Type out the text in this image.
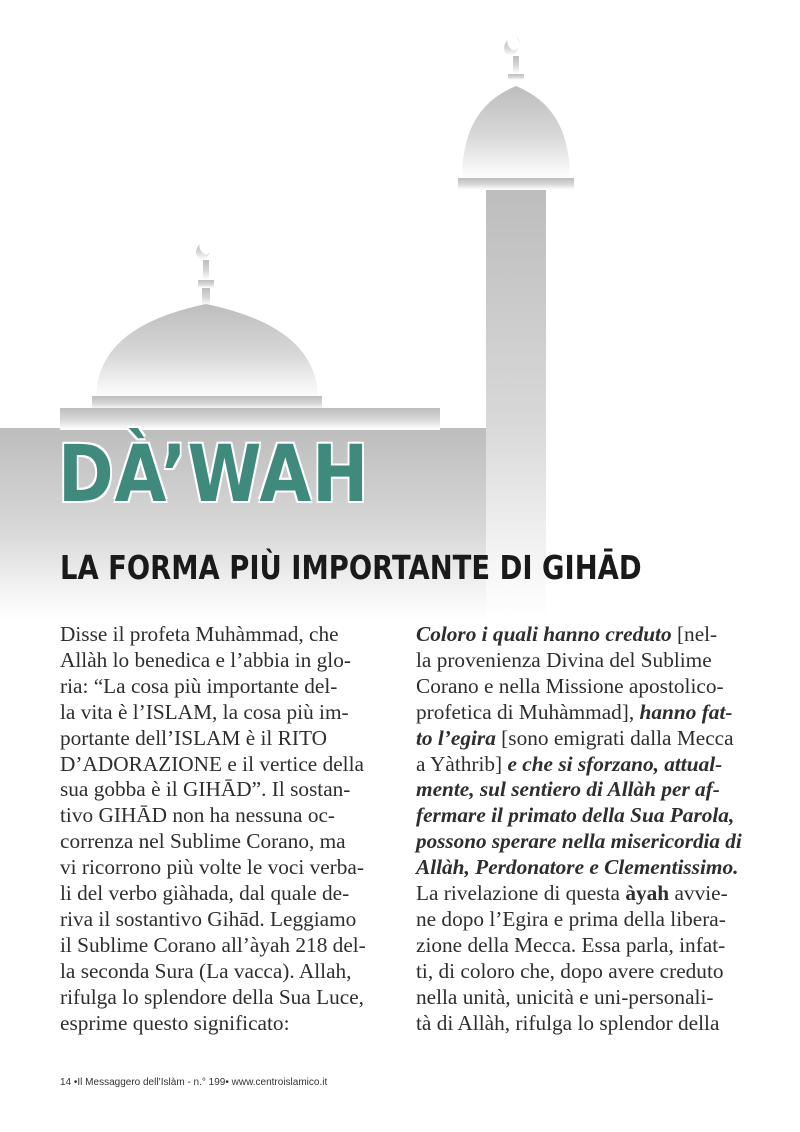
DÀ’WAH
LA FORMA PIÙ IMPORTANTE DI GIHĀD

Disse il profeta Muhàmmad, che
Allàh lo benedica e l’abbia in glo-
ria: “La cosa più importante del-
la vita è l’ISLAM, la cosa più im-
portante dell’ISLAM è il RITO
D’ADORAZIONE e il vertice della
sua gobba è il GIHĀD”. Il sostan-
tivo GIHĀD non ha nessuna oc-
correnza nel Sublime Corano, ma
vi ricorrono più volte le voci verba-
li del verbo giàhada, dal quale de-
riva il sostantivo Gihād. Leggiamo
il Sublime Corano all’àyah 218 del-
la seconda Sura (La vacca). Allah,
rifulga lo splendore della Sua Luce,
esprime questo significato:

Coloro i quali hanno creduto [nel-
la provenienza Divina del Sublime
Corano e nella Missione apostolico-
profetica di Muhàmmad], hanno fat-
to l’egira [sono emigrati dalla Mecca
a Yàthrib] e che si sforzano, attual-
mente, sul sentiero di Allàh per af-
fermare il primato della Sua Parola,
possono sperare nella misericordia di
Allàh, Perdonatore e Clementissimo.
La rivelazione di questa àyah avvie-
ne dopo l’Egira e prima della libera-
zione della Mecca. Essa parla, infat-
ti, di coloro che, dopo avere creduto
nella unità, unicità e uni-personali-
tà di Allàh, rifulga lo splendor della

14 •Il Messaggero dell’Islàm - n.° 199• www.centroislamico.it
